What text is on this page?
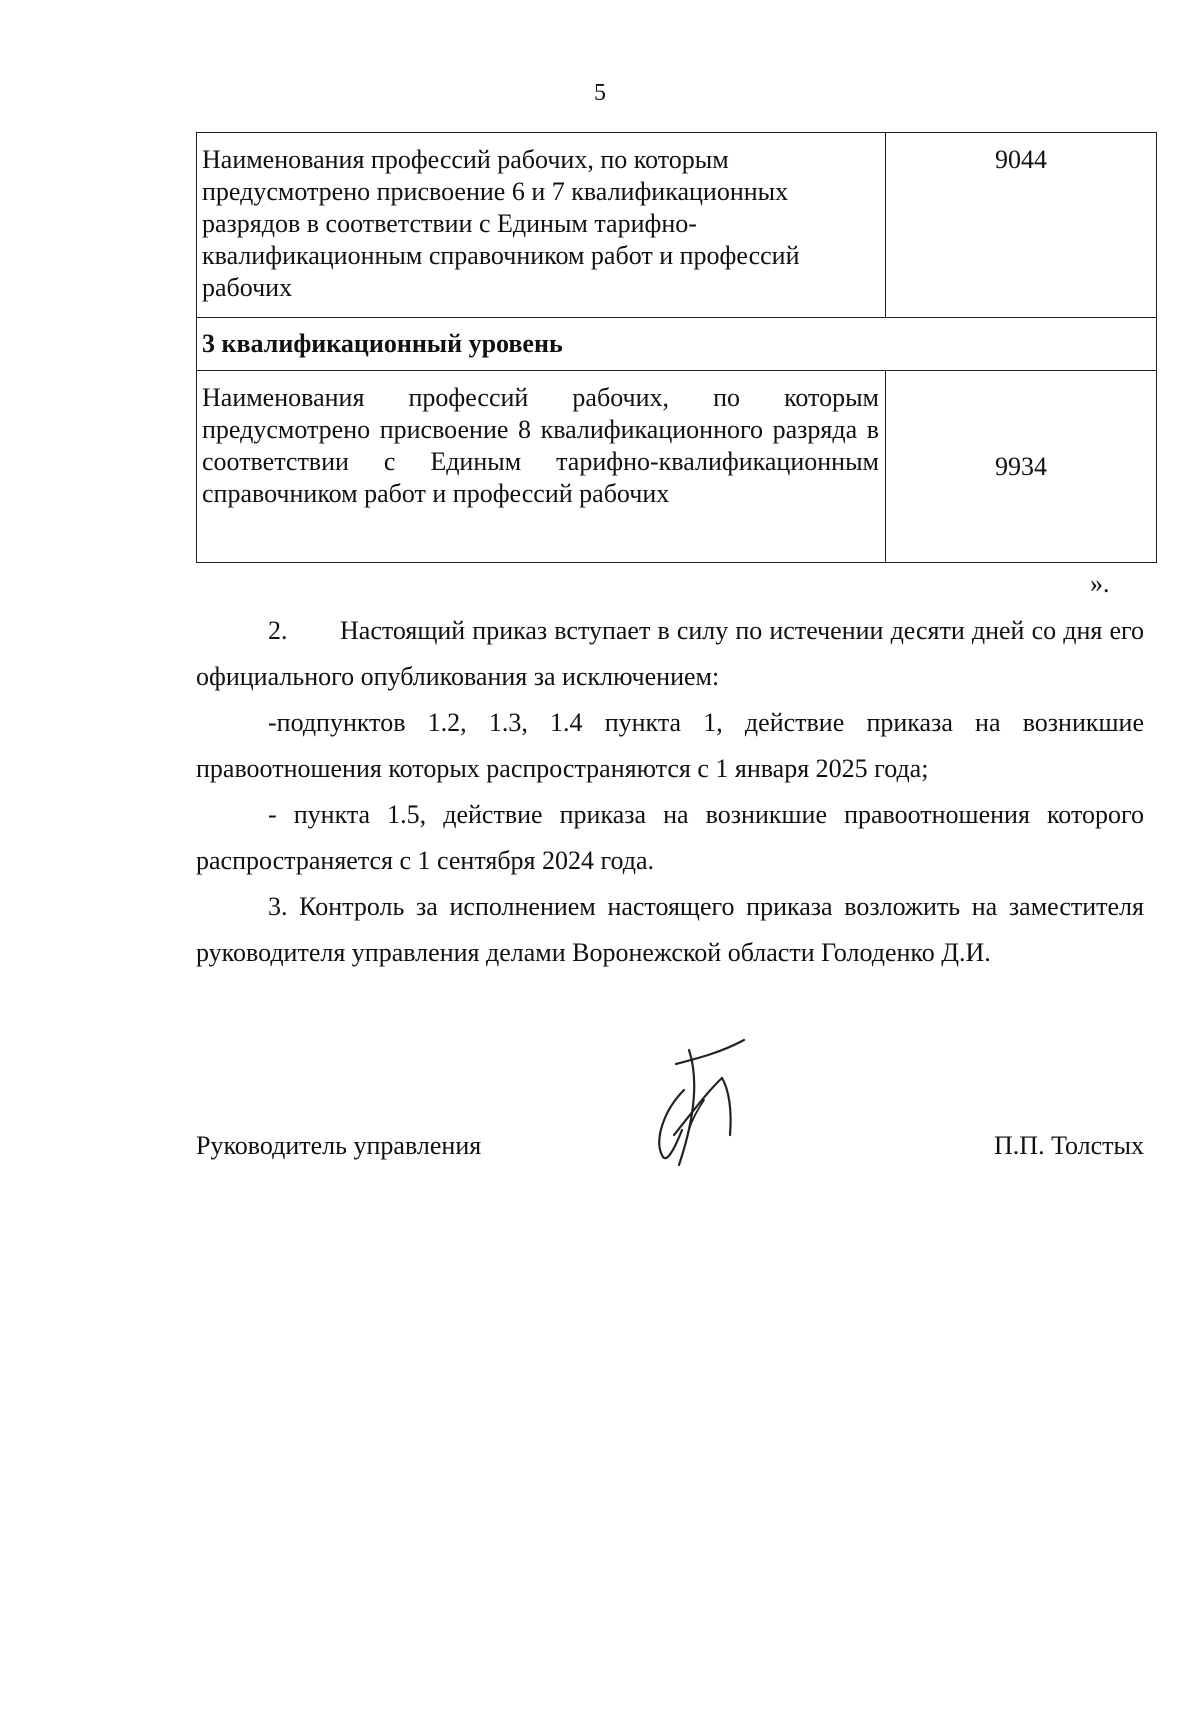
5
Наименования профессий рабочих, по которым предусмотрено присвоение 6 и 7 квалификационных разрядов в соответствии с Единым тарифно-квалификационным справочником работ и профессий рабочих	9044

3 квалификационный уровень	

Наименования профессий рабочих, по которым предусмотрено присвоение 8 квалификационного разряда в соответствии с Единым тарифно-квалификационным справочником работ и профессий рабочих	9934
».

2. Настоящий приказ вступает в силу по истечении десяти дней со дня его официального опубликования за исключением:

-подпунктов 1.2, 1.3, 1.4 пункта 1, действие приказа на возникшие правоотношения которых распространяются с 1 января 2025 года;

- пункта 1.5, действие приказа на возникшие правоотношения которого распространяется с 1 сентября 2024 года.

3. Контроль за исполнением настоящего приказа возложить на заместителя руководителя управления делами Воронежской области Голоденко Д.И.

Руководитель управления	П.П. Толстых
